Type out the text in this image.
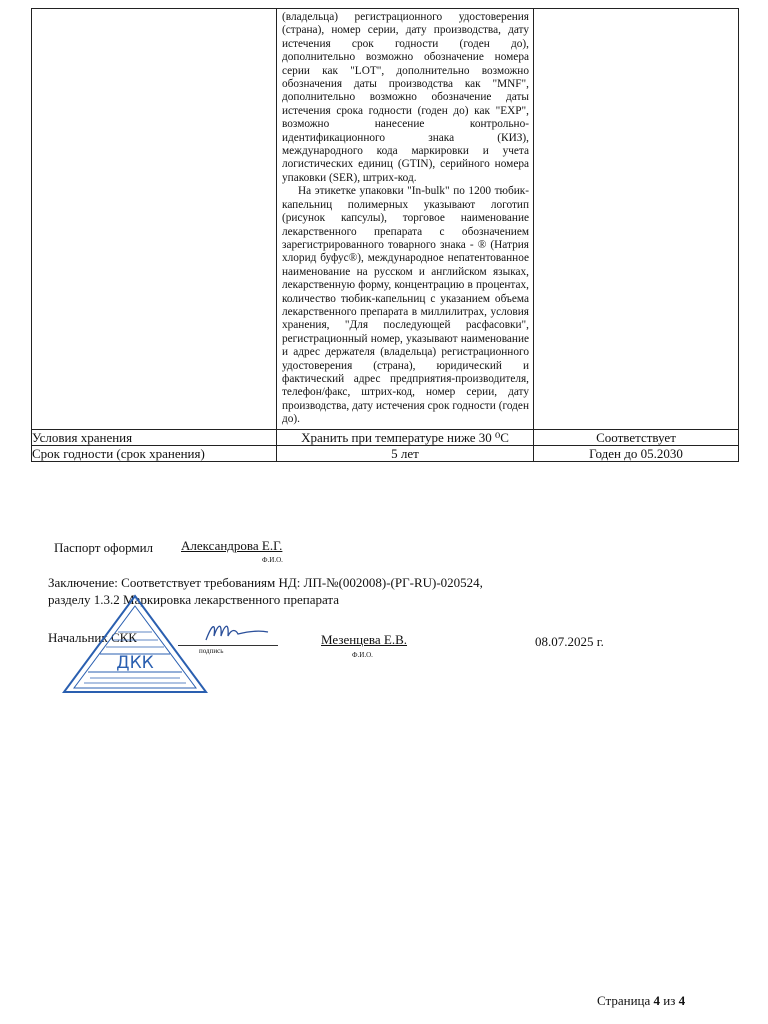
	(владельца) регистрационного удостоверения (страна), номер серии, дату производства, дату истечения срок годности (годен до), дополнительно возможно обозначение номера серии как "LOT", дополнительно возможно обозначения даты производства как "MNF", дополнительно возможно обозначение даты истечения срока годности (годен до) как "EXP", возможно нанесение контрольно-идентификационного знака (КИЗ), международного кода маркировки и учета логистических единиц (GTIN), серийного номера упаковки (SER), штрих-код.

На этикетке упаковки "In-bulk" по 1200 тюбик-капельниц полимерных указывают логотип (рисунок капсулы), торговое наименование лекарственного препарата с обозначением зарегистрированного товарного знака - ® (Натрия хлорид буфус®), международное непатентованное наименование на русском и английском языках, лекарственную форму, концентрацию в процентах, количество тюбик-капельниц с указанием объема лекарственного препарата в миллилитрах, условия хранения, "Для последующей расфасовки", регистрационный номер, указывают наименование и адрес держателя (владельца) регистрационного удостоверения (страна), юридический и фактический адрес предприятия-производителя, телефон/факс, штрих-код, номер серии, дату производства, дату истечения срок годности (годен до).	

Условия хранения	Хранить при температуре ниже 30 ⁰С	Соответствует
Срок годности (срок хранения)	5 лет	Годен до 05.2030
Паспорт оформил Александрова Е.Г.
Ф.И.О.
Заключение: Соответствует требованиям НД: ЛП-№(002008)-(РГ-RU)-020524,
разделу 1.3.2 Маркировка лекарственного препарата
Начальник СКК
подпись
Мезенцева Е.В.
Ф.И.О.
08.07.2025 г.
ДКК
Страница 4 из 4
